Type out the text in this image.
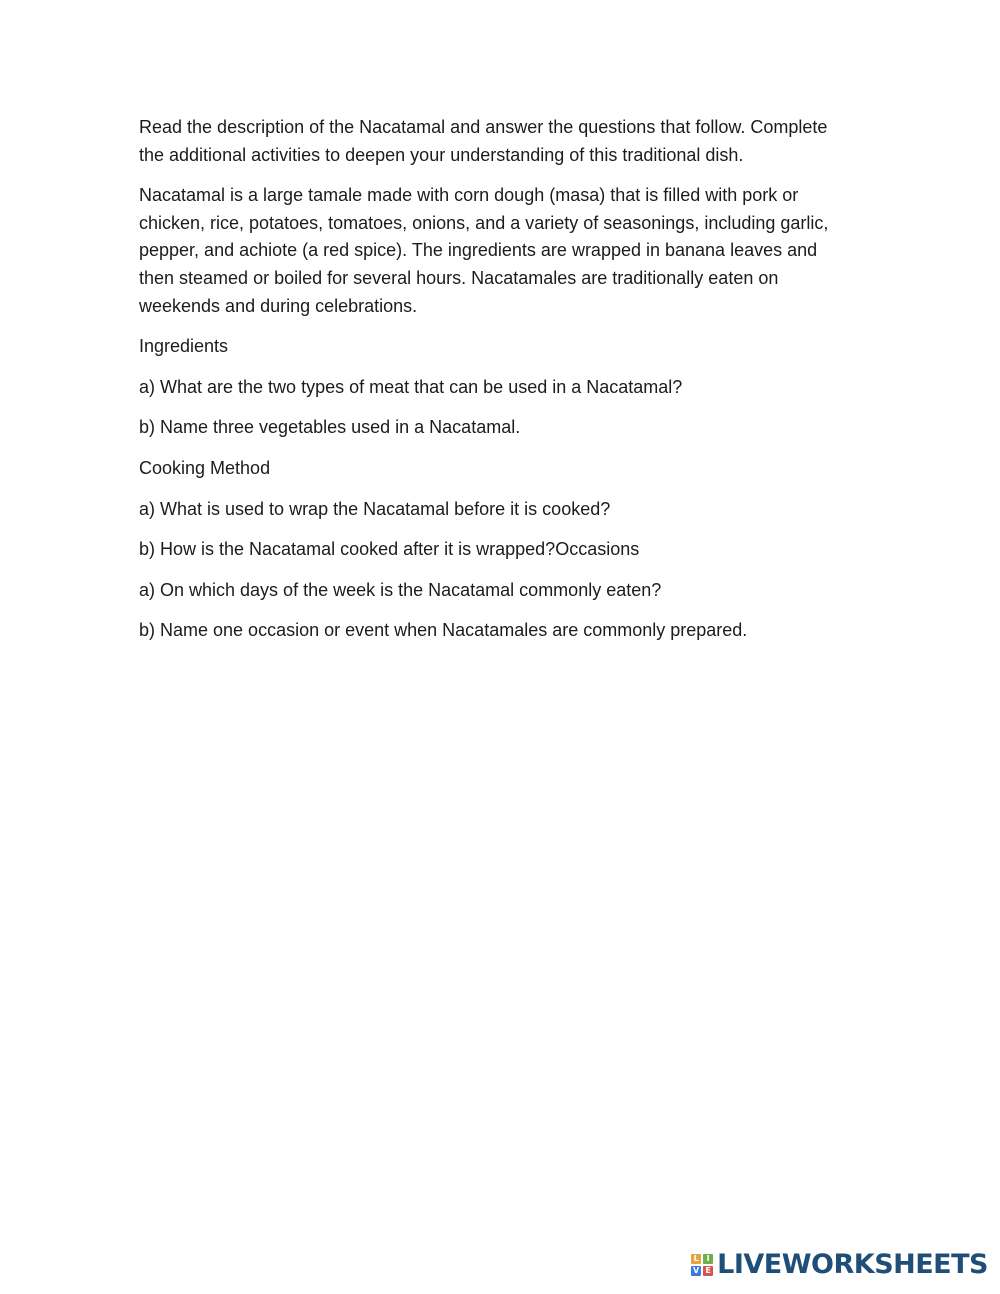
Read the description of the Nacatamal and answer the questions that follow. Complete the additional activities to deepen your understanding of this traditional dish.

Nacatamal is a large tamale made with corn dough (masa) that is filled with pork or chicken, rice, potatoes, tomatoes, onions, and a variety of seasonings, including garlic, pepper, and achiote (a red spice). The ingredients are wrapped in banana leaves and then steamed or boiled for several hours. Nacatamales are traditionally eaten on weekends and during celebrations.

Ingredients

a) What are the two types of meat that can be used in a Nacatamal?

b) Name three vegetables used in a Nacatamal.

Cooking Method

a) What is used to wrap the Nacatamal before it is cooked?

b) How is the Nacatamal cooked after it is wrapped?Occasions

a) On which days of the week is the Nacatamal commonly eaten?

b) Name one occasion or event when Nacatamales are commonly prepared.

L I
V E LIVEWORKSHEETS
